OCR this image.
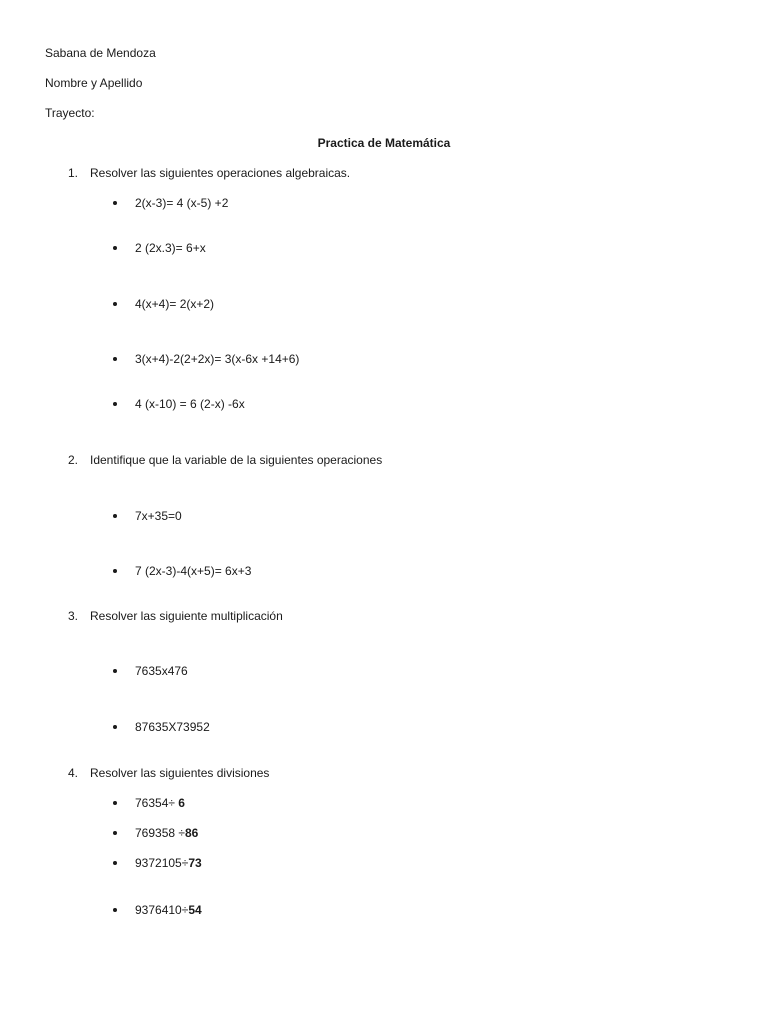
Sabana de Mendoza
Nombre y Apellido
Trayecto:
Practica de Matemática
1. Resolver las siguientes operaciones algebraicas.
2(x-3)= 4 (x-5) +2
2 (2x.3)= 6+x
4(x+4)= 2(x+2)
3(x+4)-2(2+2x)= 3(x-6x +14+6)
4 (x-10) = 6 (2-x) -6x
2. Identifique que la variable de la siguientes operaciones
7x+35=0
7 (2x-3)-4(x+5)= 6x+3
3. Resolver las siguiente multiplicación
7635x476
87635X73952
4. Resolver las siguientes divisiones
76354÷ 6
769358 ÷86
9372105÷73
9376410÷54
